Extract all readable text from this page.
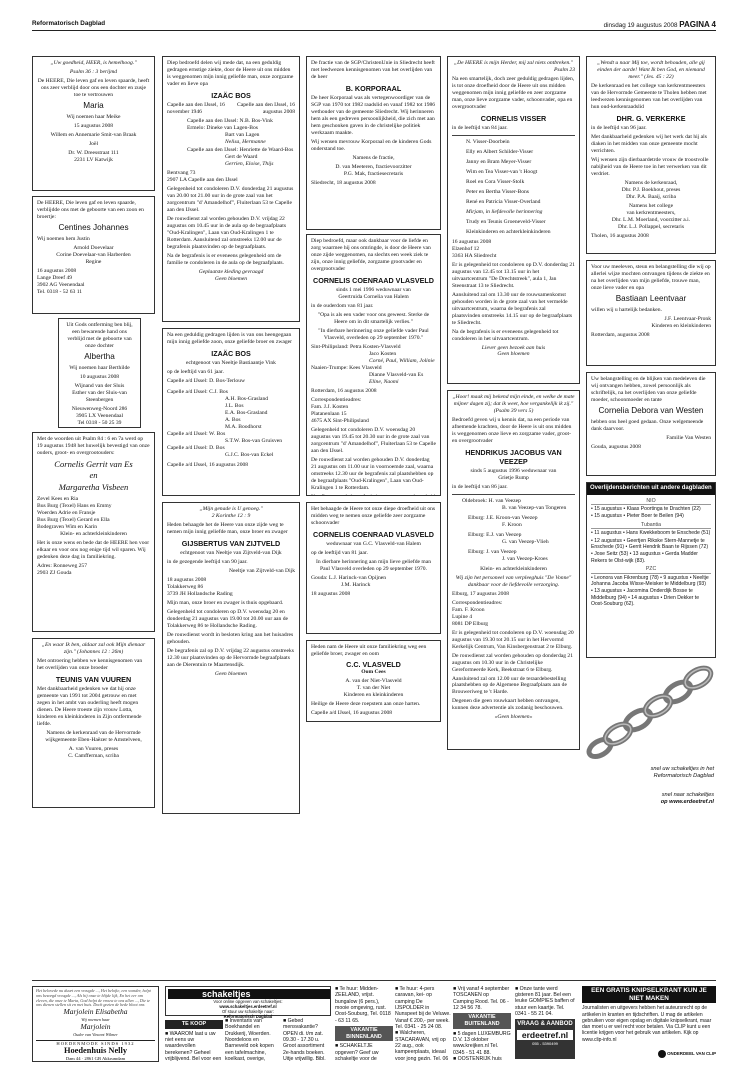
Reformatorisch Dagblad	dinsdag 19 augustus 2008 PAGINA 4

„Uw goedheid, HEER, is hemelhoog."

Psalm 36 : 3 berijmd

De HEERE, Die leven gaf en leven spaarde, heeft ons zeer verblijd door ons een dochter en zusje toe te vertrouwen

Maria

Wij noemen haar Meike

15 augustus 2008

Willem en Annemarie Smit-van Braak

Joël

Dr. W. Dreesstraat 111

2231 LV Katwijk

De HEERE, Die leven gaf en leven spaarde, verblijdde ons met de geboorte van een zoon en broertje:

Centines Johannes

Wij noemen hem Justin

Arnold Doevelaar

Corine Doevelaar-van Harberden

Regine

16 augustus 2008

Lange Dreef 49

3902 AG Veenendaal

Tel. 0318 - 52 63 11

Uit Gods ontferming ben blij, een bewarende hand ons verblijd met de geboorte van onze dochter

Albertha

Wij noemen haar Berthilde

10 augustus 2008

Wijnand van der Sluis

Esther van der Sluis-van Steenbergen

Nieuwenweg-Noord 286

3905 LX Veenendaal

Tel 0318 - 50 25 39

Met de woorden uit Psalm 84 : 6 en 7a werd op 19 augustus 1948 het huwelijk bevestigd van onze ouders, groot- en overgrootouders:

Cornelis Gerrit van Es
en
Margaretha Visbeen

Zevel Kees en Ria

Bus Burg (Texel) Hans en Emmy

Woerden Adrie en Fransje

Bus Burg (Texel) Gerard en Ella

Bodegraven Wim en Karin

Klein- en achterkleinkinderen

Het is onze wens en bede dat de HEERE hen voor elkaar en voor ons nog enige tijd wil sparen. Wij gedenken deze dag in familiekring.

Adres: Ronneweg 257

2903 ZJ Gouda

„En waar Ik ben, aldaar zal ook Mijn dienaar zijn." (Johannes 12 : 26m)

Met ontroering hebben we kennisgenomen van het overlijden van onze broeder

TEUNIS VAN VUUREN

Met dankbaarheid gedenken we dat hij onze gemeente van 1991 tot 2004 getrouw en met zegen in het ambt van ouderling heeft mogen dienen. De Heere troeste zijn vrouw Lotta, kinderen en kleinkinderen in Zijn ontfermende liefde.

Namens de kerkenraad van de Hervormde wijkgemeente Eben-Haëzer te Amstelveen,

A. van Vuuren, preses

C. Camfferman, scriba

Diep bedroefd delen wij mede dat, na een geduldig gedragen ernstige ziekte, door de Heere uit ons midden is weggenomen mijn innig geliefde man, onze zorgzame vader en lieve opa

IZAÄC BOS
Capelle aan den IJssel, 16 november 1946
Capelle aan den IJssel, 16 augustus 2008

Capelle aan den IJssel: N.B. Bos-Vink

Ermelo: Dineke van Lagen-Bos

Bart van Lagen

Nelisa, Hermanne

Capelle aan den IJssel: Henriette de Waard-Bos

Gert de Waard

Gerrien, Eloise, Thijs

Bentvang 73

2907 LA Capelle aan den IJssel

Gelegenheid tot condoleren D.V. donderdag 21 augustus van 20.00 tot 21.00 uur in de grote zaal van het zorgcentrum "d' Amandelhof", Fluiterlaan 53 te Capelle aan den IJssel.

De rouwdienst zal worden gehouden D.V. vrijdag 22 augustus om 10.45 uur in de aula op de begraafplaats "Oud-Kralingen", Laan van Oud-Kralingen 1 te Rotterdam. Aansluitend zal omstreeks 12.00 uur de begrafenis plaatsvinden op de begraafplaats.

Na de begrafenis is er eveneens gelegenheid om de familie te condoleren in de aula op de begraafplaats.

Geplaatste kleding gevraagd

Geen bloemen

Na een geduldig gedragen lijden is van ons heengegaan mijn innig geliefde zoon, onze geliefde broer en zwager

IZAÄC BOS

echtgenoot van Neeltje Bastiaantje Vink

op de leeftijd van 61 jaar.

Capelle a/d IJssel: D. Bos-Terlouw

Capelle a/d IJssel: C.J. Bos

A.H. Bos-Grasland

J.L. Bos

E.A. Bos-Grasland

A. Bos

M.A. Boodhorst

Capelle a/d IJssel: W. Bos

S.T.W. Bos-van Gruisven

Capelle a/d IJssel: D. Bos

G.J.C. Bos-van Eckel

Capelle a/d IJssel, 16 augustus 2008

„Mijn genade is U genoeg."

2 Korinthe 12 : 9

Heden behaagde het de Heere van onze zijde weg te nemen mijn innig geliefde man, onze broer en zwager

GIJSBERTUS VAN ZIJTVELD

echtgenoot van Neeltje van Zijtveld-van Dijk

in de gezegende leeftijd van 90 jaar.

Neeltje van Zijtveld-van Dijk

18 augustus 2008

Tolakkerweg 86

3739 JH Hollandsche Rading

Mijn man, onze broer en zwager is thuis opgebaard.

Gelegenheid tot condoleren op D.V. woensdag 20 en donderdag 21 augustus van 19.00 tot 20.00 uur aan de Tolakkerweg 86 te Hollandsche Rading.

De rouwdienst wordt in besloten kring aan het huisadres gehouden.

De begrafenis zal op D.V. vrijdag 22 augustus omstreeks 12.30 uur plaatsvinden op de Hervormde begraafplaats aan de Dierentuin te Maartensdijk.

Geen bloemen

De fractie van de SGP/ChristenUnie in Sliedrecht heeft met leedwezen kennisgenomen van het overlijden van de heer

B. KORPORAAL

De heer Korporaal was als vertegenwoordiger van de SGP van 1970 tot 1982 raadslid en vanaf 1982 tot 1986 wethouder van de gemeente Sliedrecht. Wij herinneren hem als een gedreven persoonlijkheid, die zich met aan hem geschonken gaven in de christelijke politiek werkzaam maakte.

Wij wensen mevrouw Korporaal en de kinderen Gods onderstand toe.

Namens de fractie,

D. van Meeteren, fractievoorzitter

P.G. Mak, fractiesecretaris

Sliedrecht, 18 augustus 2008

Diep bedroefd, maar ook dankbaar voor de liefde en zorg waarmee hij ons omringde, is door de Heere van onze zijde weggenomen, na slechts een week ziek te zijn, onze innig geliefde, zorgzame grootvader en overgrootvader

CORNELIS COENRAAD VLASVELD

sinds 1 mei 1996 weduwnaar van

Geertruida Cornelia van Halem

in de ouderdom van 81 jaar.

"Opa is als een vader voor ons geweest. Sterke de Heere om in dit smartelijk verlies."

"In dierbare herinnering onze geliefde vader Paul Vlasveld, overleden op 29 september 1970."

Sint-Philipsland: Petra Kosten-Vlasveld

Jaco Kosten

Corné, Paul, William, Jolinie

Naaien-Trumpe: Kees Vlasveld

Dianne Vlasveld-van Es

Eline, Naomi

Rotterdam, 16 augustus 2008

Correspondentieadres:

Fam. J.J. Kosten

Platanenlaan 15

4675 AX Sint-Philipsland

Gelegenheid tot condoleren D.V. woensdag 20 augustus van 19.45 tot 20.30 uur in de grote zaal van zorgcentrum "d' Amandelhof", Fluiterlaan 53 te Capelle aan den IJssel.

De rouwdienst zal worden gehouden D.V. donderdag 21 augustus om 11.00 uur in voornoemde zaal, waarna omstreeks 12.30 uur de begrafenis zal plaatshebben op de begraafplaats "Oud-Kralingen", Laan van Oud-Kralingen 1 te Rotterdam.

Het behaagde de Heere tot onze diepe droefheid uit ons midden weg te nemen onze geliefde zeer zorgzame schoonvader

CORNELIS COENRAAD VLASVELD

weduwnaar van G.C. Vlasveld-van Halem

op de leeftijd van 81 jaar.

In dierbare herinnering aan mijn lieve geliefde man Paul Vlasveld overleden op 29 september 1970.

Gouda: L.J. Harinck-van Opijnen

J.M. Harinck

18 augustus 2008

Heden nam de Heere uit onze familiekring weg een geliefde broer, zwager en oom

C.C. VLASVELD

Oom Cees

A. van der Niet-Vlasveld

T. van der Niet

Kinderen en kleinkinderen

Heilige de Heere deze roepstem aan onze harten.

Capelle a/d IJssel, 16 augustus 2008

„De HEERE is mijn Herder, mij zal niets ontbreken."

Psalm 23

Na een smartelijk, doch zeer geduldig gedragen lijden, is tot onze droefheid door de Heere uit ons midden weggenomen mijn innig geliefde en zeer zorgzame man, onze lieve zorgzame vader, schoonvader, opa en overgrootvader

CORNELIS VISSER

in de leeftijd van 84 jaar.

N. Visser-Doorbein

Elly en Albert Schilder-Visser

Janny en Bram Meyer-Visser

Wim en Tea Visser-van 't Hoogt

Roel en Cora Visser-Stolk

Peter en Bertha Visser-Bons

René en Patricia Visser-Overland

Mirjam, in liefdevolle herinnering

Trudy en Teunis Groeneveld-Visser

Kleinkinderen en achterkleinkinderen

16 augustus 2008

Elzenhof 12

3363 HA Sliedrecht

Er is gelegenheid tot condoleren op D.V. donderdag 21 augustus van 12.45 tot 13.15 uur in het uitvaartcentrum "De Drechtstreek", aula 1, Jan Steenstraat 13 te Sliedrecht.

Aansluitend zal om 13.30 uur de rouwsamenkomst gehouden worden in de grote zaal van het vermelde uitvaartcentrum, waarna de begrafenis zal plaatsvinden omstreeks 14.15 uur op de begraafplaats te Sliedrecht.

Na de begrafenis is er eveneens gelegenheid tot condoleren in het uitvaartcentrum.

Liever geen bezoek aan huis

Geen bloemen

„Hoor! maak mij bekend mijn einde, en welke de mate mijner dagen zij; dat ik weet, hoe vergankelijk ik zij." (Psalm 39 vers 5)

Bedroefd geven wij u kennis dat, na een periode van afnemende krachten, door de Heere is uit ons midden is weggenomen onze lieve en zorgzame vader, groot- en overgrootvader

HENDRIKUS JACOBUS VAN VEEZEP

sinds 5 augustus 1996 weduwnaar van

Grietje Rump

in de leeftijd van 86 jaar.

Oldebroek: H. van Veezep

B. van Veezep-van Tongeren

Elburg: J.E. Kroon-van Veezep

F. Kroon

Elburg: E.J. van Veezep

G. van Veezep-Vlieh

Elburg: J. van Veezep

J. van Veezep-Kroes

Klein- en achterkleinkinderen

Wij zijn het personeel van verpleeghuis "De Vonne" dankbaar voor de liefdevolle verzorging.

Elburg, 17 augustus 2008

Correspondentieadres:

Fam. F. Kroon

Lupine 4

8081 DP Elburg

Er is gelegenheid tot condoleren op D.V. woensdag 20 augustus van 19.30 tot 20.15 uur in het Hervormd Kerkelijk Centrum, Van Kinsbergenstraat 2 te Elburg.

De rouwdienst zal worden gehouden op donderdag 21 augustus om 10.30 uur in de Christelijke Gereformeerde Kerk, Beekstraat 6 te Elburg.

Aansluitend zal om 12.00 uur de teraardebestelling plaatshebben op de Algemene Begraafplaats aan de Brouweriweg te 't Harde.

Degenen die geen rouwkaart hebben ontvangen, kunnen deze advertentie als zodanig beschouwen.

«Geen bloemen»

„Wendt u naar Mij toe, wordt behouden, alle gij einden der aarde! Want Ik ben God, en niemand meer." (Jes. 45 : 22)

De kerkenraad en het college van kerkrentmeesters van de Hervormde Gemeente te Tholen hebben met leedwezen kennisgenomen van het overlijden van hun oud-kerkenraadslid

DHR. G. VERKERKE

in de leeftijd van 96 jaar.

Met dankbaarheid gedenken wij het werk dat hij als diaken in het midden van onze gemeente mocht verrichten.

Wij wensen zijn dierbaardetrde vrouw de troostvolle nabijheid van de Heere toe in het verwerken van dit verdriet.

Namens de kerkenraad,

Dhr. P.J. Boekhout, preses

Dhr. P.A. Baaij, scriba

Namens het college

van kerkrentmeesters,

Dhr. L.M. Moerland, voorzitter a.i.

Dhr. L.J. Pollappel, secretaris

Tholen, 16 augustus 2008

Voor uw meeleven, steun en belangstelling die wij op allerlei wijze mochten ontvangen tijdens de ziekte en na het overlijden van mijn geliefde, trouwe man, onze lieve vader en opa

Bastiaan Leentvaar

willen wij u hartelijk bedanken.

J.F. Leentvaar-Pronk

Kinderen en kleinkinderen

Rotterdam, augustus 2008

Uw belangstelling en de blijken van medeleven die wij ontvangen hebben, zowel persoonlijk als schriftelijk, na het overlijden van onze geliefde moeder, schoonmoeder en tante

Cornelia Debora van Westen

hebben ons heel goed gedaan. Onze welgemeende dank daarvoor.

Familie Van Westen

Gouda, augustus 2008

Overlijdensberichten uit andere dagbladen
NIO

• 15 augustus • Klaas Poortinga te Drachten (22)

• 15 augustus • Pieter Boer te Beilen (94)

Tubantia

• 11 augustus • Hans Kwekkeboom te Enschede (51)

• 12 augustus • Geertjen Rikske Stern-Mannetje te Enschede (91) • Gerrit Hendrik Baan te Rijssen (72)

• Jose Seitz (53) • 13 augustus • Gerda Madder Rekers te Olst-wijk (83).

PZC

• Leonora van Fikrenburg (78) • 9 augustus • Neeltje Johanna Jacoba Wisse-Meisker te Middelburg (93)

• 13 augustus • Jacomina Onderdijk Bosse te Middelburg (94) • 14 augustus • Drien Dekker te Oost-Souburg (62).

snel uw schakeltjes in het
Reformatorisch Dagblad
snel naar schakeltjes
op www.erdeetref.nl
Het belovede nu duurt een vreugde ..., Het belofte, een wonder, helpt ons bezorgd vreugde ..., Als hij onze te blijde lijk, En het eer om eleven, die onze te Marta, God helpt de vrouw te ons allen ..., Die te ons dienen stellen sit en met huis. Doch gezien de bede bloot ons
Marjolein Elisabetha
Wij noemen haar
Marjolein
Ouder van Vincent Wilmer
HOEDENMODE SINDS 1932
Hoedenhuis Nelly
Dam 44 · 2861 GB Akkrumdam
schakeltjes
Voor online opgeven van schakeltjes:
www.schakeltjes.erdeetref.nl
Of stuur uw schakeltje naar:
Reformatorisch Dagblad
TE KOOP
■ WAAROM laat u uw niet eens uw waardevollen berekenen? Geheel vrijblijvend. Bel voor een
■ Inventaris van Boekhandel en Drukkerij, Woerden. Noordeloos en Barneveld ook kopen een tafelmachine, koelkast, overige,
■ Gebed mensvakantie? OPEN di. t/m zat. 09.30 - 17.30 u. Groot assortiment 2e-hands boeken. Uitje vrijwillig. Bibl.
■ Te huur: Midden-ZEELAND, vrijst. bungalow (6 pers.), mooie omgeving, rust. Oost-Souburg, Tel. 0118 - 63 11 65.
VAKANTIE BINNENLAND
■ SCHAKELTJE opgeven? Geef uw schakeltje voor de
■ Te huur: 4-pers caravan, kei- op camping De IJSPOLDER in Nunspeet bij de Veluwe. Vanaf € 200,- per week. Tel. 0341 - 25 24 08.
■ Walcheren, STACARAVAN, vrij op 22 aug., ook kampeerplaats, ideaal voor jong gezin. Tel. 06
■ Vrij vanaf 4 september TOSCANEN op Camping Rood. Tel. 06 - 12 34 56 78.
VAKANTIE BUITENLAND
■ 5 dagen LUXEMBURG D.V. 13 oktober www.kreijken.nl Tel. 0345 - 51 41 88.
■ OOSTENRIJK huis
■ Onze tante werd gisteren 81 jaar. Bel een leuke GOMPIES baffen of stuur een kaartje. Tel. 0341 - 55 21 04.
VRAAG & AANBOD
erdeetref.nl
055 - 5390499
EEN GRATIS KNIPSELKRANT KUN JE NIET MAKEN
Journalisten en uitgevers hebben het auteursrecht op de artikelen in kranten en tijdschriften. U mag de artikelen gebruiken voor eigen opslag en digitale knipselkrant, maar dan moet u er wel recht voor betalen. Via CLIP kunt u een licentie krijgen voor het gebruik van artikelen. Kijk op www.clip-info.nl
ONDERDEEL VAN CLIP
